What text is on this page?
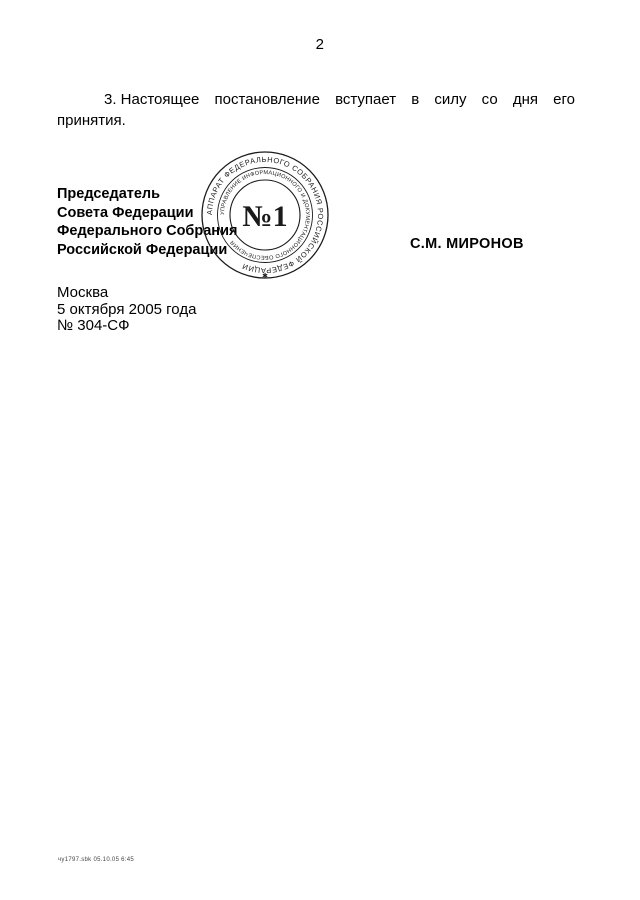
2
3. Настоящее постановление вступает в силу со дня его
принятия.
Председатель
Совета Федерации
Федерального Собрания
Российской Федерации
АППАРАТ ФЕДЕРАЛЬНОГО СОБРАНИЯ РОССИЙСКОЙ ФЕДЕРАЦИИ
УПРАВЛЕНИЕ ИНФОРМАЦИОННОГО И ДОКУМЕНТАЦИОННОГО ОБЕСПЕЧЕНИЯ
№1
✱
С.М. МИРОНОВ
Москва
5 октября 2005 года
№ 304-СФ
чу1797.sbk 05.10.05 6:45
